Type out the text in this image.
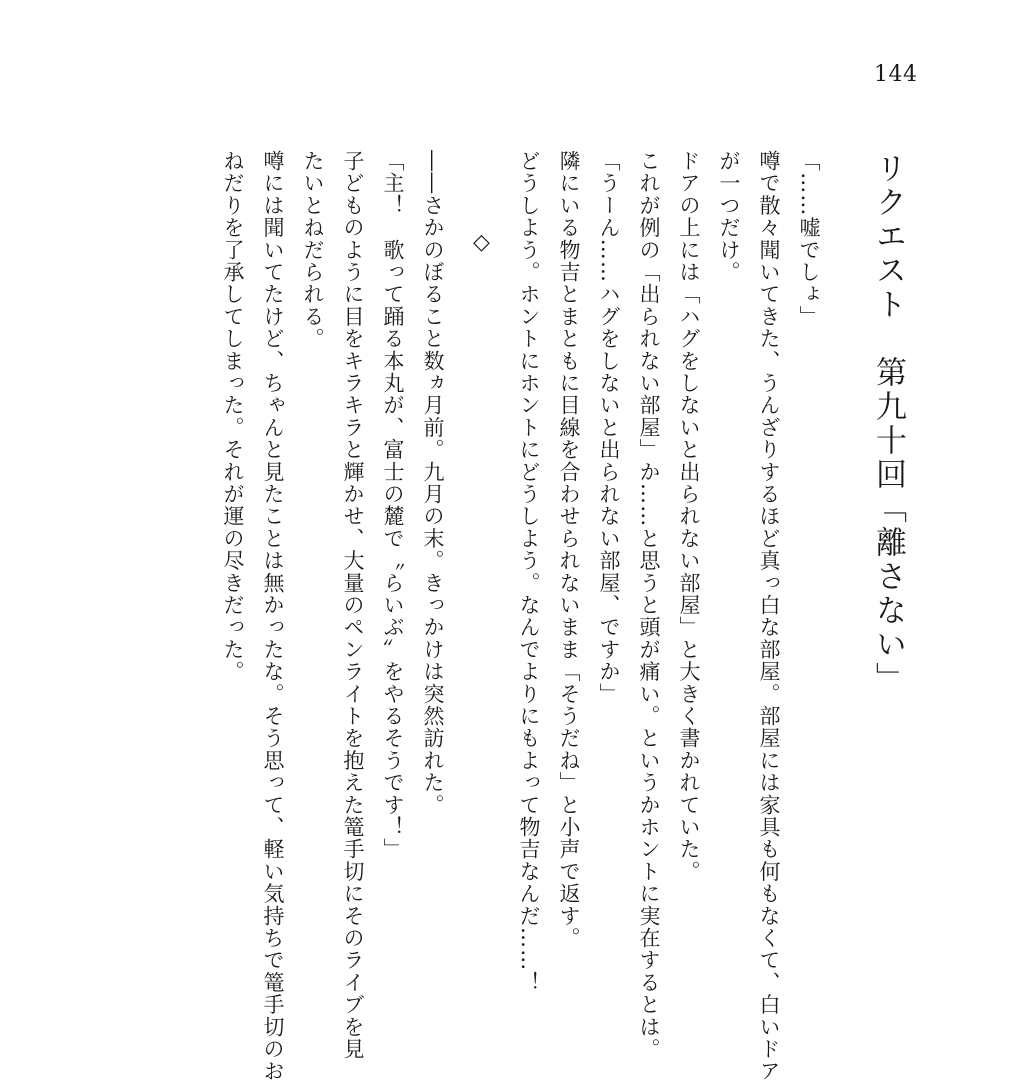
144
リクエスト　第九十回「離さない」
「……嘘でしょ」
噂で散々聞いてきた、うんざりするほど真っ白な部屋。部屋には家具も何もなくて、白いドア
が一つだけ。
ドアの上には「ハグをしないと出られない部屋」と大きく書かれていた。
これが例の「出られない部屋」か……と思うと頭が痛い。というかホントに実在するとは。
「うーん……ハグをしないと出られない部屋、ですか」
隣にいる物吉とまともに目線を合わせられないまま「そうだね」と小声で返す。
どうしよう。ホントにホントにどうしよう。なんでよりにもよって物吉なんだ……！
◇
――さかのぼること数ヵ月前。九月の末。きっかけは突然訪れた。
「主！　歌って踊る本丸が、富士の麓で〝らいぶ〟をやるそうです！」
子どものように目をキラキラと輝かせ、大量のペンライトを抱えた篭手切にそのライブを見
たいとねだられる。
噂には聞いてたけど、ちゃんと見たことは無かったな。そう思って、軽い気持ちで篭手切のお
ねだりを了承してしまった。それが運の尽きだった。
